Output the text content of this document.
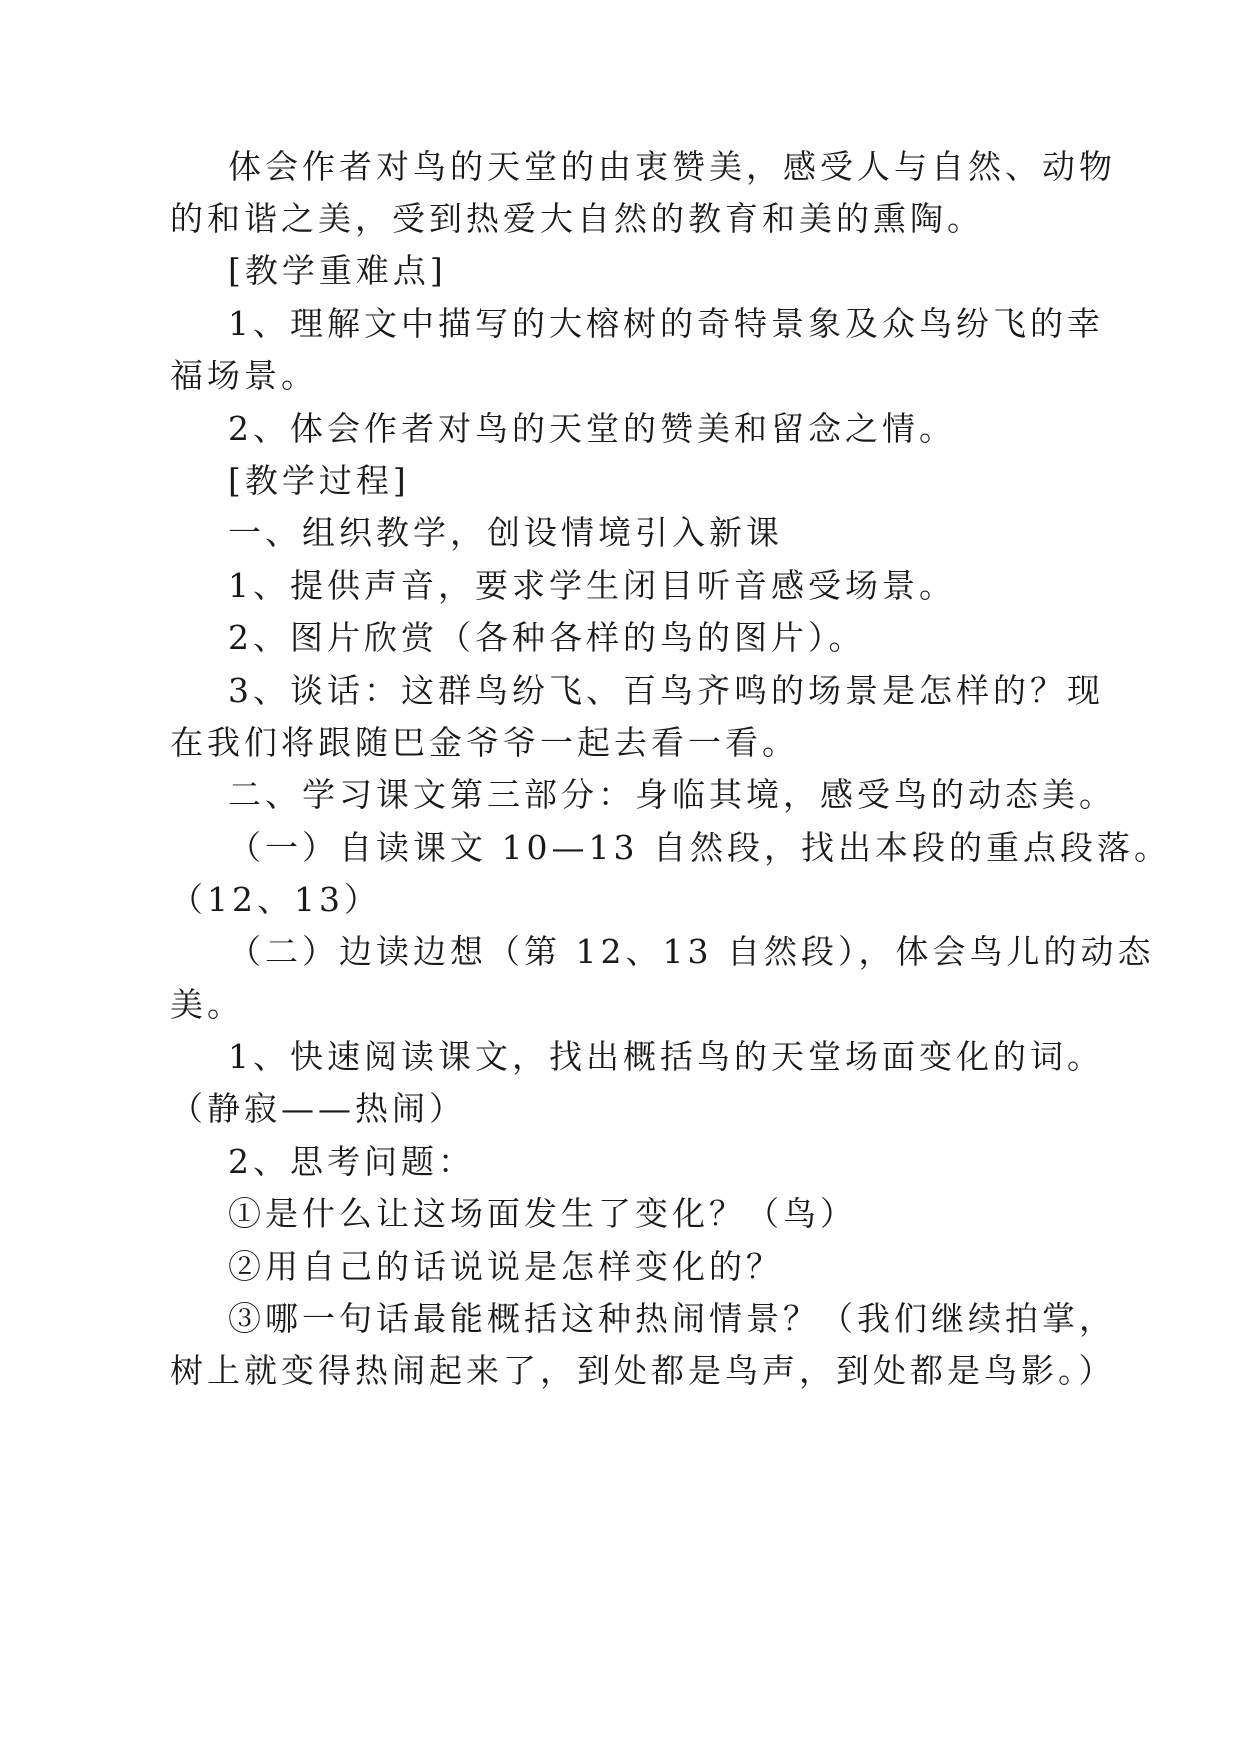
体会作者对鸟的天堂的由衷赞美，感受人与自然、动物
的和谐之美，受到热爱大自然的教育和美的熏陶。
[教学重难点]
1、理解文中描写的大榕树的奇特景象及众鸟纷飞的幸
福场景。
2、体会作者对鸟的天堂的赞美和留念之情。
[教学过程]
一、组织教学，创设情境引入新课
1、提供声音，要求学生闭目听音感受场景。
2、图片欣赏（各种各样的鸟的图片）。
3、谈话：这群鸟纷飞、百鸟齐鸣的场景是怎样的？现
在我们将跟随巴金爷爷一起去看一看。
二、学习课文第三部分：身临其境，感受鸟的动态美。
（一）自读课文 10—13 自然段，找出本段的重点段落。
（12、13）
（二）边读边想（第 12、13 自然段），体会鸟儿的动态
美。
1、快速阅读课文，找出概括鸟的天堂场面变化的词。
（静寂——热闹）
2、思考问题：
①是什么让这场面发生了变化？（鸟）
②用自己的话说说是怎样变化的？
③哪一句话最能概括这种热闹情景？（我们继续拍掌，
树上就变得热闹起来了，到处都是鸟声，到处都是鸟影。）
